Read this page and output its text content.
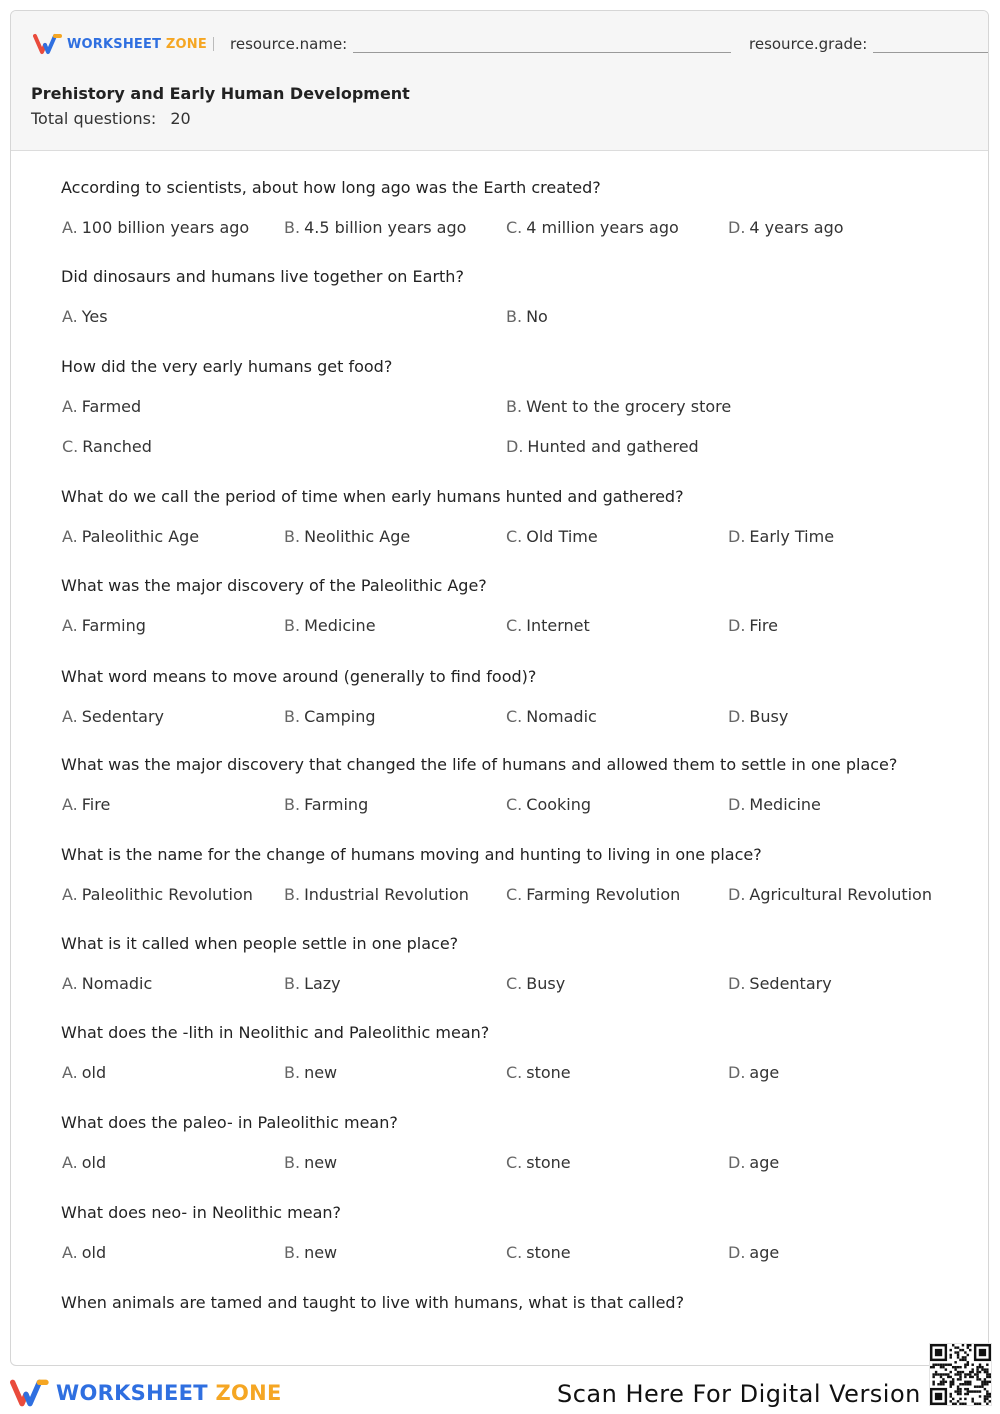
WORKSHEET ZONE resource.name:	resource.grade:
Prehistory and Early Human Development
Total questions: 20
According to scientists, about how long ago was the Earth created?
A. 100 billion years ago B. 4.5 billion years ago C. 4 million years ago	D. 4 years ago
Did dinosaurs and humans live together on Earth?
A. Yes	B. No
How did the very early humans get food?
A. Farmed	B. Went to the grocery store
C. Ranched	D. Hunted and gathered
What do we call the period of time when early humans hunted and gathered?
A. Paleolithic Age	B. Neolithic Age	C. Old Time	D. Early Time
What was the major discovery of the Paleolithic Age?
A. Farming	B. Medicine	C. Internet	D. Fire
What word means to move around (generally to find food)?
A. Sedentary	B. Camping	C. Nomadic	D. Busy
What was the major discovery that changed the life of humans and allowed them to settle in one place?
A. Fire	B. Farming	C. Cooking	D. Medicine
What is the name for the change of humans moving and hunting to living in one place?
A. Paleolithic Revolution B. Industrial Revolution C. Farming Revolution	D. Agricultural Revolution
What is it called when people settle in one place?
A. Nomadic	B. Lazy	C. Busy	D. Sedentary
What does the -lith in Neolithic and Paleolithic mean?
A. old	B. new	C. stone	D. age
What does the paleo- in Paleolithic mean?
A. old	B. new	C. stone	D. age
What does neo- in Neolithic mean?
A. old	B. new	C. stone	D. age
When animals are tamed and taught to live with humans, what is that called?
WORKSHEET ZONE	Scan Here For Digital Version
